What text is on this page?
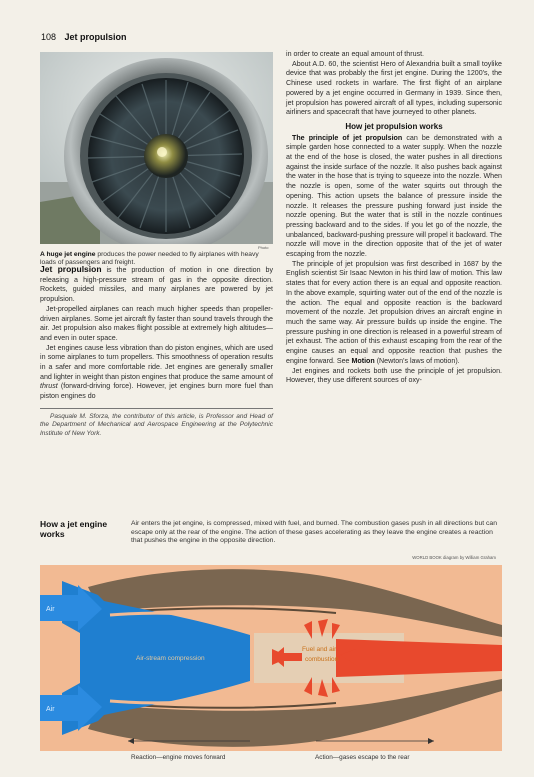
108 Jet propulsion
Photo
A huge jet engine produces the power needed to fly airplanes with heavy loads of passengers and freight.

Jet propulsion is the production of motion in one direction by releasing a high-pressure stream of gas in the opposite direction. Rockets, guided missiles, and many airplanes are powered by jet propulsion.

Jet-propelled airplanes can reach much higher speeds than propeller-driven airplanes. Some jet aircraft fly faster than sound travels through the air. Jet propulsion also makes flight possible at extremely high altitudes—and even in outer space.

Jet engines cause less vibration than do piston engines, which are used in some airplanes to turn propellers. This smoothness of operation results in a safer and more comfortable ride. Jet engines are generally smaller and lighter in weight than piston engines that produce the same amount of thrust (forward-driving force). However, jet engines burn more fuel than piston engines do

Pasquale M. Sforza, the contributor of this article, is Professor and Head of the Department of Mechanical and Aerospace Engineering at the Polytechnic Institute of New York.

in order to create an equal amount of thrust.

About A.D. 60, the scientist Hero of Alexandria built a small toylike device that was probably the first jet engine. During the 1200's, the Chinese used rockets in warfare. The first flight of an airplane powered by a jet engine occurred in Germany in 1939. Since then, jet propulsion has powered aircraft of all types, including supersonic airliners and spacecraft that have journeyed to other planets.

How jet propulsion works

The principle of jet propulsion can be demonstrated with a simple garden hose connected to a water supply. When the nozzle at the end of the hose is closed, the water pushes in all directions against the inside surface of the nozzle. It also pushes back against the water in the hose that is trying to squeeze into the nozzle. When the nozzle is open, some of the water squirts out through the opening. This action upsets the balance of pressure inside the nozzle. It releases the pressure pushing forward just inside the nozzle opening. But the water that is still in the nozzle continues pressing backward and to the sides. If you let go of the nozzle, the unbalanced, backward-pushing pressure will propel it backward. The nozzle will move in the direction opposite that of the jet of water escaping from the nozzle.

The principle of jet propulsion was first described in 1687 by the English scientist Sir Isaac Newton in his third law of motion. This law states that for every action there is an equal and opposite reaction. In the above example, squirting water out of the end of the nozzle is the action. The equal and opposite reaction is the backward movement of the nozzle. Jet propulsion drives an aircraft engine in much the same way. Air pressure builds up inside the engine. The pressure pushing in one direction is released in a powerful stream of jet exhaust. The action of this exhaust escaping from the rear of the engine causes an equal and opposite reaction that pushes the engine forward. See Motion (Newton's laws of motion).

Jet engines and rockets both use the principle of jet propulsion. However, they use different sources of oxy-

How a jet engine works
Air enters the jet engine, is compressed, mixed with fuel, and burned. The combustion gases push in all directions but can escape only at the rear of the engine. The action of these gases accelerating as they leave the engine creates a reaction that pushes the engine in the opposite direction.
WORLD BOOK diagram by William Graham
Air
Air
Air-stream compression
Fuel and air
combustion
Reaction—engine moves forward	Action—gases escape to the rear
